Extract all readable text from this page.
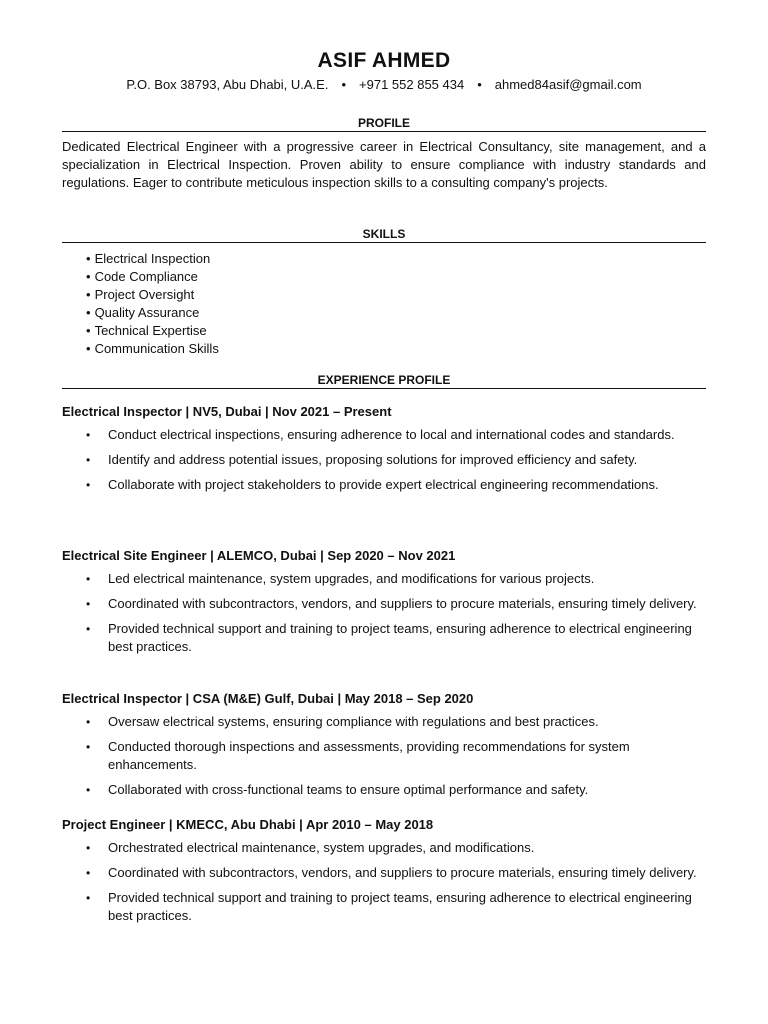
ASIF AHMED
P.O. Box 38793, Abu Dhabi, U.A.E. • +971 552 855 434 • ahmed84asif@gmail.com
PROFILE
Dedicated Electrical Engineer with a progressive career in Electrical Consultancy, site management, and a specialization in Electrical Inspection. Proven ability to ensure compliance with industry standards and regulations. Eager to contribute meticulous inspection skills to a consulting company's projects.
SKILLS
• Electrical Inspection
• Code Compliance
• Project Oversight
• Quality Assurance
• Technical Expertise
• Communication Skills
EXPERIENCE PROFILE

Electrical Inspector | NV5, Dubai | Nov 2021 – Present

• Conduct electrical inspections, ensuring adherence to local and international codes and standards.
• Identify and address potential issues, proposing solutions for improved efficiency and safety.
• Collaborate with project stakeholders to provide expert electrical engineering recommendations.

Electrical Site Engineer | ALEMCO, Dubai | Sep 2020 – Nov 2021

• Led electrical maintenance, system upgrades, and modifications for various projects.
• Coordinated with subcontractors, vendors, and suppliers to procure materials, ensuring timely delivery.
• Provided technical support and training to project teams, ensuring adherence to electrical engineering best practices.

Electrical Inspector | CSA (M&E) Gulf, Dubai | May 2018 – Sep 2020

• Oversaw electrical systems, ensuring compliance with regulations and best practices.
• Conducted thorough inspections and assessments, providing recommendations for system enhancements.
• Collaborated with cross-functional teams to ensure optimal performance and safety.

Project Engineer | KMECC, Abu Dhabi | Apr 2010 – May 2018

• Orchestrated electrical maintenance, system upgrades, and modifications.
• Coordinated with subcontractors, vendors, and suppliers to procure materials, ensuring timely delivery.
• Provided technical support and training to project teams, ensuring adherence to electrical engineering best practices.
